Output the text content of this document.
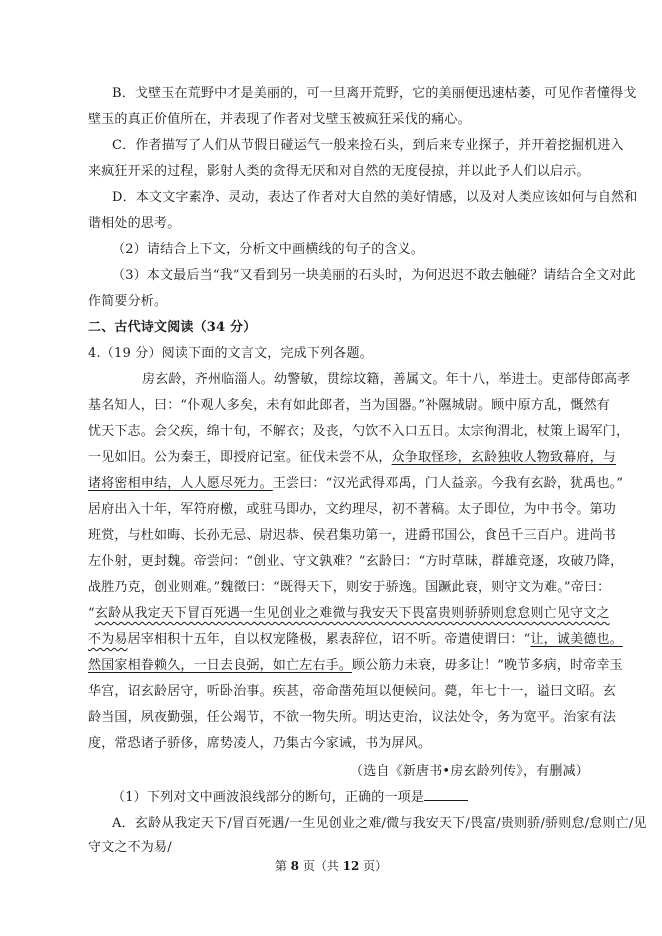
B．戈壁玉在荒野中才是美丽的，可一旦离开荒野，它的美丽便迅速枯萎，可见作者懂得戈
壁玉的真正价值所在，并表现了作者对戈壁玉被疯狂采伐的痛心。
C．作者描写了人们从节假日碰运气一般来捡石头，到后来专业探子，并开着挖掘机进入
来疯狂开采的过程，影射人类的贪得无厌和对自然的无度侵掠，并以此予人们以启示。
D．本文文字素净、灵动，表达了作者对大自然的美好情感，以及对人类应该如何与自然和
谐相处的思考。
（2）请结合上下文，分析文中画横线的句子的含义。
（3）本文最后当“我”又看到另一块美丽的石头时，为何迟迟不敢去触碰？请结合全文对此
作简要分析。
二、古代诗文阅读（34 分）
4.（19 分）阅读下面的文言文，完成下列各题。
房玄龄，齐州临淄人。幼警敏，贯综坟籍，善属文。年十八，举进士。吏部侍郎高孝
基名知人，曰：“仆观人多矣，未有如此郎者，当为国器。”补隰城尉。顾中原方乱，慨然有
忧天下志。会父疾，绵十旬，不解衣；及丧，勺饮不入口五日。太宗徇渭北，杖策上谒军门，
一见如旧。公为秦王，即授府记室。征伐未尝不从，众争取怪珍，玄龄独收人物致幕府，与
诸将密相申结，人人愿尽死力。王尝曰：“汉光武得邓禹，门人益亲。今我有玄龄，犹禹也。”
居府出入十年，军符府檄，或驻马即办，文约理尽，初不著稿。太子即位，为中书令。第功
班赏，与杜如晦、长孙无忌、尉迟恭、侯君集功第一，进爵邗国公，食邑千三百户。进尚书
左仆射，更封魏。帝尝问：“创业、守文孰难？”玄龄曰：“方时草昧，群雄竞逐，攻破乃降，
战胜乃克，创业则难。”魏徵曰：“既得天下，则安于骄逸。国蹶此衰，则守文为难。”帝曰：
“玄龄从我定天下冒百死遇一生见创业之难微与我安天下畏富贵则骄骄则怠怠则亡见守文之
不为易居宰相积十五年，自以权宠隆极，累表辞位，诏不听。帝遣使谓曰：“让，诚美德也。
然国家相眷赖久，一日去良弼，如亡左右手。顾公筋力未衰，毋多让！”晚节多病，时帝幸玉
华宫，诏玄龄居守，听卧治事。疾甚，帝命凿苑垣以便候问。薨，年七十一，谥曰文昭。玄
龄当国，夙夜勤强，任公竭节，不欲一物失所。明达吏治，议法处令，务为宽平。治家有法
度，常恐诸子骄侈，席势凌人，乃集古今家诫，书为屏风。
（选自《新唐书•房玄龄列传》，有删减）
（1）下列对文中画波浪线部分的断句，正确的一项是
A．玄龄从我定天下/冒百死遇/一生见创业之难/微与我安天下/畏富/贵则骄/骄则怠/怠则亡/见
守文之不为易/
第 8 页（共 12 页）
